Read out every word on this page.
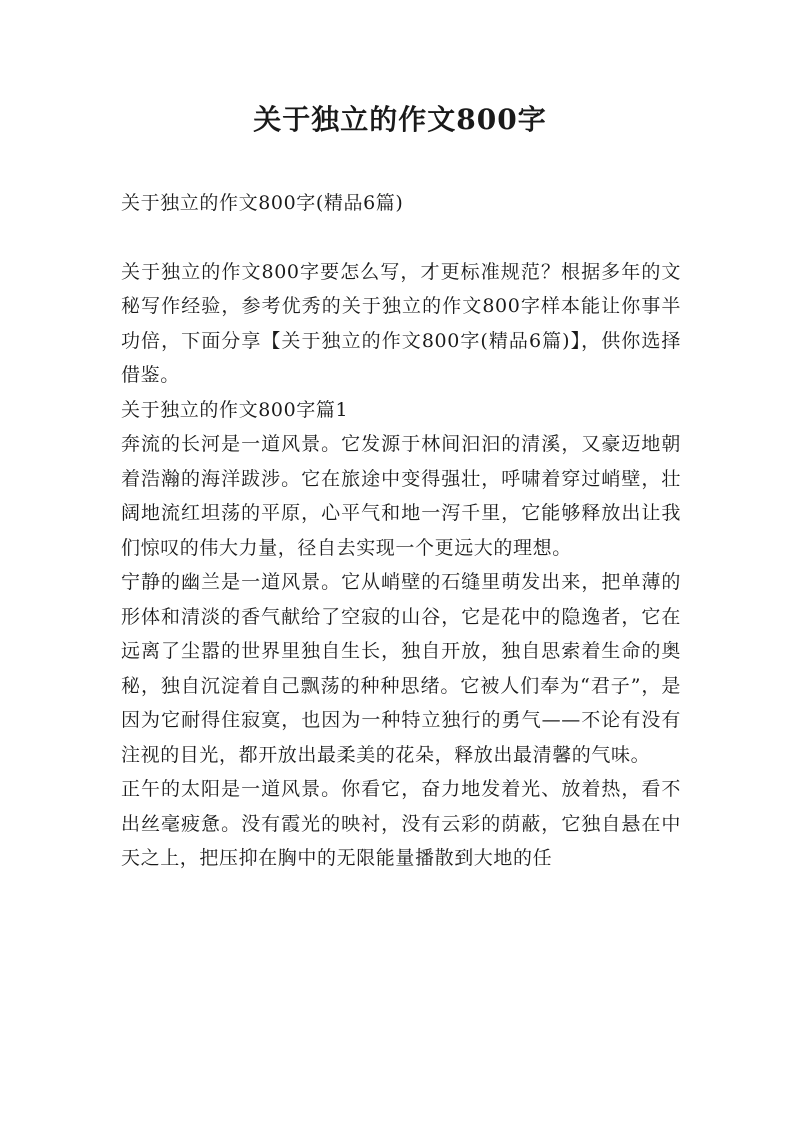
关于独立的作文800字

关于独立的作文800字(精品6篇)

关于独立的作文800字要怎么写，才更标准规范？根据多年的文秘写作经验，参考优秀的关于独立的作文800字样本能让你事半功倍，下面分享【关于独立的作文800字(精品6篇)】，供你选择借鉴。

关于独立的作文800字篇1

奔流的长河是一道风景。它发源于林间汩汩的清溪，又豪迈地朝着浩瀚的海洋跋涉。它在旅途中变得强壮，呼啸着穿过峭壁，壮阔地流红坦荡的平原，心平气和地一泻千里，它能够释放出让我们惊叹的伟大力量，径自去实现一个更远大的理想。

宁静的幽兰是一道风景。它从峭壁的石缝里萌发出来，把单薄的形体和清淡的香气献给了空寂的山谷，它是花中的隐逸者，它在远离了尘嚣的世界里独自生长，独自开放，独自思索着生命的奥秘，独自沉淀着自己飘荡的种种思绪。它被人们奉为“君子”，是因为它耐得住寂寞，也因为一种特立独行的勇气——不论有没有注视的目光，都开放出最柔美的花朵，释放出最清馨的气味。

正午的太阳是一道风景。你看它，奋力地发着光、放着热，看不出丝毫疲惫。没有霞光的映衬，没有云彩的荫蔽，它独自悬在中天之上，把压抑在胸中的无限能量播散到大地的任
